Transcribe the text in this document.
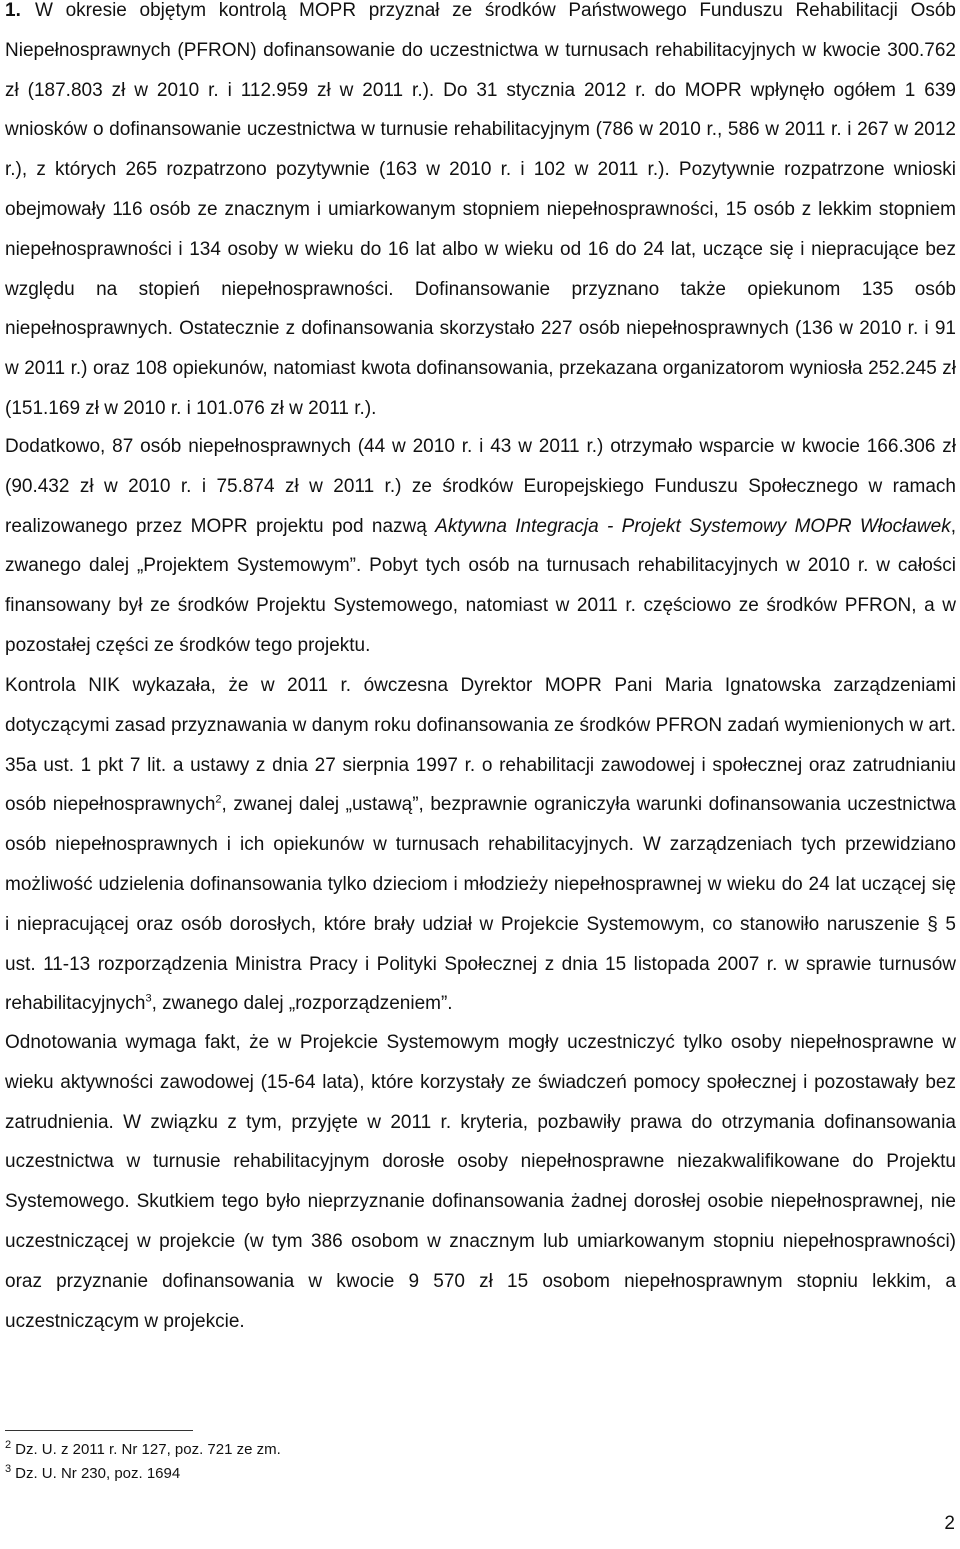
1. W okresie objętym kontrolą MOPR przyznał ze środków Państwowego Funduszu Rehabilitacji Osób Niepełnosprawnych (PFRON) dofinansowanie do uczestnictwa w turnusach rehabilitacyjnych w kwocie 300.762 zł (187.803 zł w 2010 r. i 112.959 zł w 2011 r.). Do 31 stycznia 2012 r. do MOPR wpłynęło ogółem 1 639 wniosków o dofinansowanie uczestnictwa w turnusie rehabilitacyjnym (786 w 2010 r., 586 w 2011 r. i 267 w 2012 r.), z których 265 rozpatrzono pozytywnie (163 w 2010 r. i 102 w 2011 r.). Pozytywnie rozpatrzone wnioski obejmowały 116 osób ze znacznym i umiarkowanym stopniem niepełnosprawności, 15 osób z lekkim stopniem niepełnosprawności i 134 osoby w wieku do 16 lat albo w wieku od 16 do 24 lat, uczące się i niepracujące bez względu na stopień niepełnosprawności. Dofinansowanie przyznano także opiekunom 135 osób niepełnosprawnych. Ostatecznie z dofinansowania skorzystało 227 osób niepełnosprawnych (136 w 2010 r. i 91 w 2011 r.) oraz 108 opiekunów, natomiast kwota dofinansowania, przekazana organizatorom wyniosła 252.245 zł (151.169 zł w 2010 r. i 101.076 zł w 2011 r.).

Dodatkowo, 87 osób niepełnosprawnych (44 w 2010 r. i 43 w 2011 r.) otrzymało wsparcie w kwocie 166.306 zł (90.432 zł w 2010 r. i 75.874 zł w 2011 r.) ze środków Europejskiego Funduszu Społecznego w ramach realizowanego przez MOPR projektu pod nazwą Aktywna Integracja - Projekt Systemowy MOPR Włocławek, zwanego dalej „Projektem Systemowym”. Pobyt tych osób na turnusach rehabilitacyjnych w 2010 r. w całości finansowany był ze środków Projektu Systemowego, natomiast w 2011 r. częściowo ze środków PFRON, a w pozostałej części ze środków tego projektu.

Kontrola NIK wykazała, że w 2011 r. ówczesna Dyrektor MOPR Pani Maria Ignatowska zarządzeniami dotyczącymi zasad przyznawania w danym roku dofinansowania ze środków PFRON zadań wymienionych w art. 35a ust. 1 pkt 7 lit. a ustawy z dnia 27 sierpnia 1997 r. o rehabilitacji zawodowej i społecznej oraz zatrudnianiu osób niepełnosprawnych$^2$, zwanej dalej „ustawą”, bezprawnie ograniczyła warunki dofinansowania uczestnictwa osób niepełnosprawnych i ich opiekunów w turnusach rehabilitacyjnych. W zarządzeniach tych przewidziano możliwość udzielenia dofinansowania tylko dzieciom i młodzieży niepełnosprawnej w wieku do 24 lat uczącej się i niepracującej oraz osób dorosłych, które brały udział w Projekcie Systemowym, co stanowiło naruszenie § 5 ust. 11-13 rozporządzenia Ministra Pracy i Polityki Społecznej z dnia 15 listopada 2007 r. w sprawie turnusów rehabilitacyjnych$^3$, zwanego dalej „rozporządzeniem”.

Odnotowania wymaga fakt, że w Projekcie Systemowym mogły uczestniczyć tylko osoby niepełnosprawne w wieku aktywności zawodowej (15-64 lata), które korzystały ze świadczeń pomocy społecznej i pozostawały bez zatrudnienia. W związku z tym, przyjęte w 2011 r. kryteria, pozbawiły prawa do otrzymania dofinansowania uczestnictwa w turnusie rehabilitacyjnym dorosłe osoby niepełnosprawne niezakwalifikowane do Projektu Systemowego. Skutkiem tego było nieprzyznanie dofinansowania żadnej dorosłej osobie niepełnosprawnej, nie uczestniczącej w projekcie (w tym 386 osobom w znacznym lub umiarkowanym stopniu niepełnosprawności) oraz przyznanie dofinansowania w kwocie 9 570 zł 15 osobom niepełnosprawnym stopniu lekkim, a uczestniczącym w projekcie.

$^2$ Dz. U. z 2011 r. Nr 127, poz. 721 ze zm.
$^3$ Dz. U. Nr 230, poz. 1694
2
